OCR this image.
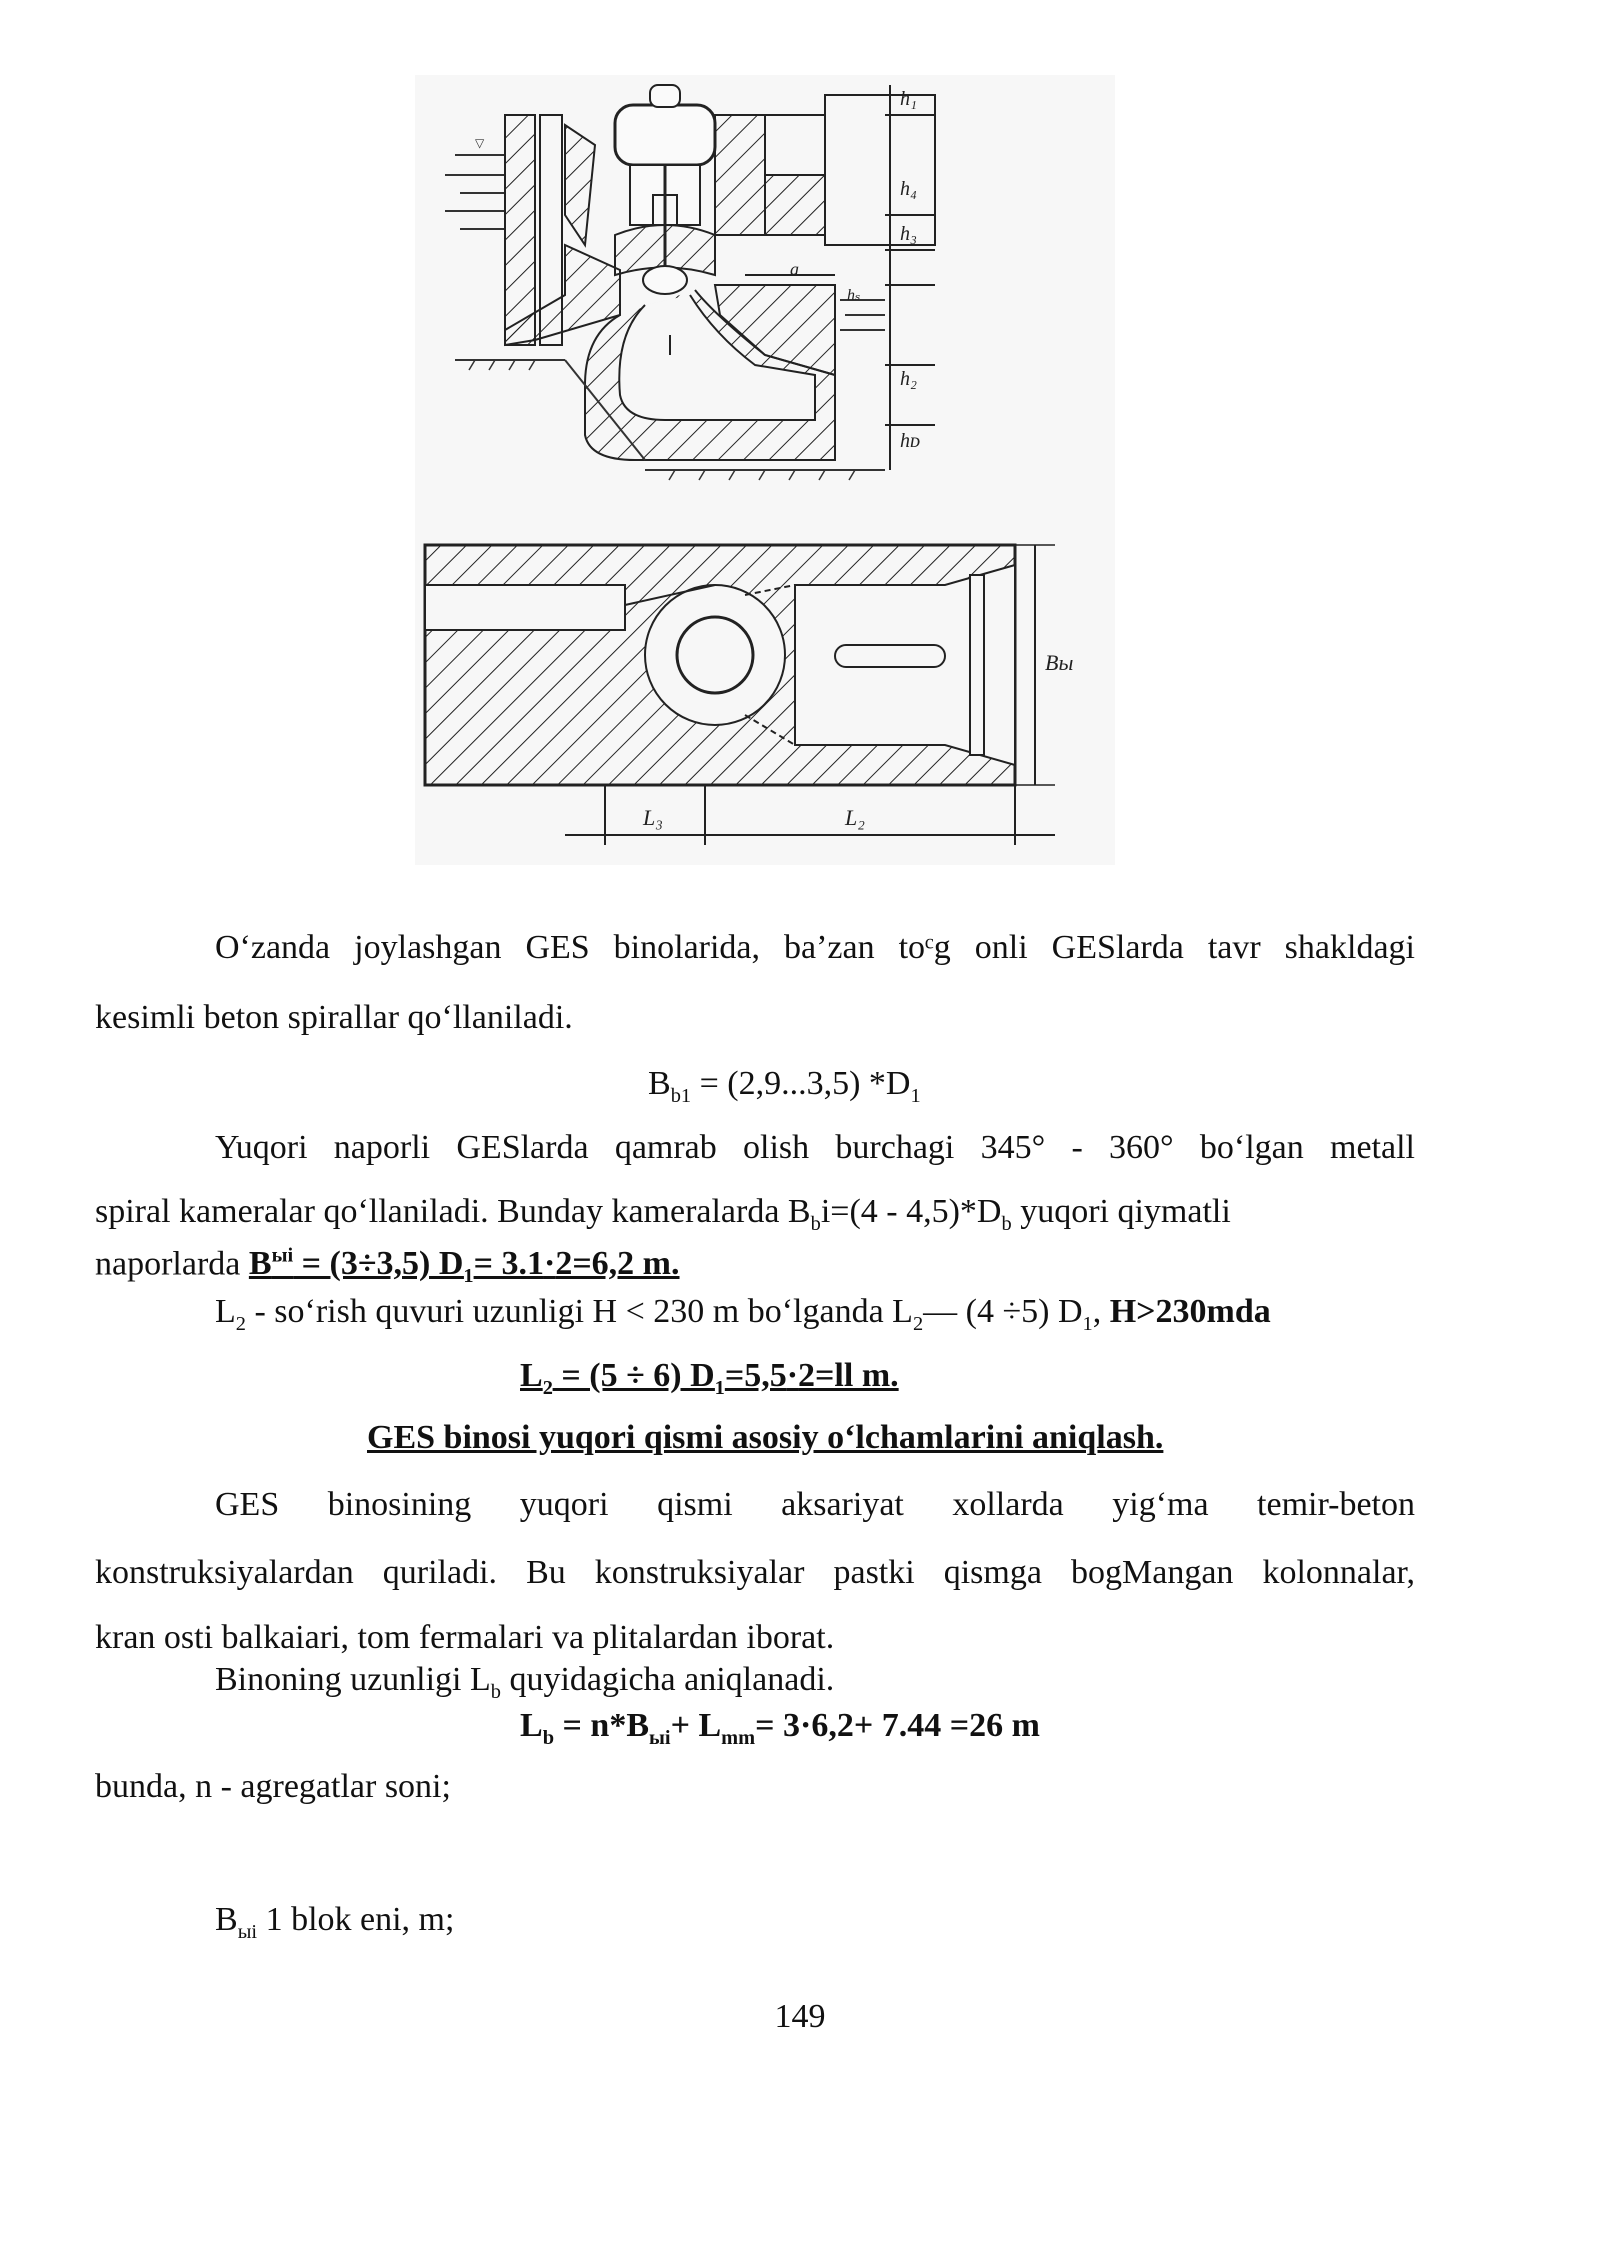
▽
h₁
h₄
h₃
a
hₛ
h₂
hᴅ
Bы
L₃	L₂
O‘zanda joylashgan GES binolarida, ba’zan toᶜg onli GESlarda tavr shakldagi
kesimli beton spirallar qo‘llaniladi.
$B_{b1} = (2,9...3,5)$ $*D_1$
Yuqori naporli GESlarda qamrab olish burchagi 345° - 360° bo‘lgan metall
spiral kameralar qo‘llaniladi. Bunday kameralarda $B_bi=(4 - 4,5)*D_b$ yuqori qiymatli
naporlarda $B^{ыі} = (3\div 3,5)$ $D_1= 3.1\cdot 2=6,2$ m.
$L_2$ - so‘rish quvuri uzunligi H < 230 m bo‘lganda $L_2—$ (4 ÷5) $D_1$, H>230mda
$L_2 = (5 \div 6)$ $D_1=5,5\cdot 2=ll$ m.
GES binosi yuqori qismi asosiy o‘lchamlarini aniqlash.
GES binosining yuqori qismi aksariyat xollarda yig‘ma temir-beton
konstruksiyalardan quriladi. Bu konstruksiyalar pastki qismga bogMangan kolonnalar,
kran osti balkaiari, tom fermalari va plitalardan iborat.
Binoning uzunligi $L_b$ quyidagicha aniqlanadi.
$L_b = n*B_{ыі}+ L_{mm}= 3\cdot 6,2+ 7.44 =26$ m
bunda, n - agregatlar soni;
$B_{ыі}$ 1 blok eni, m;
149
